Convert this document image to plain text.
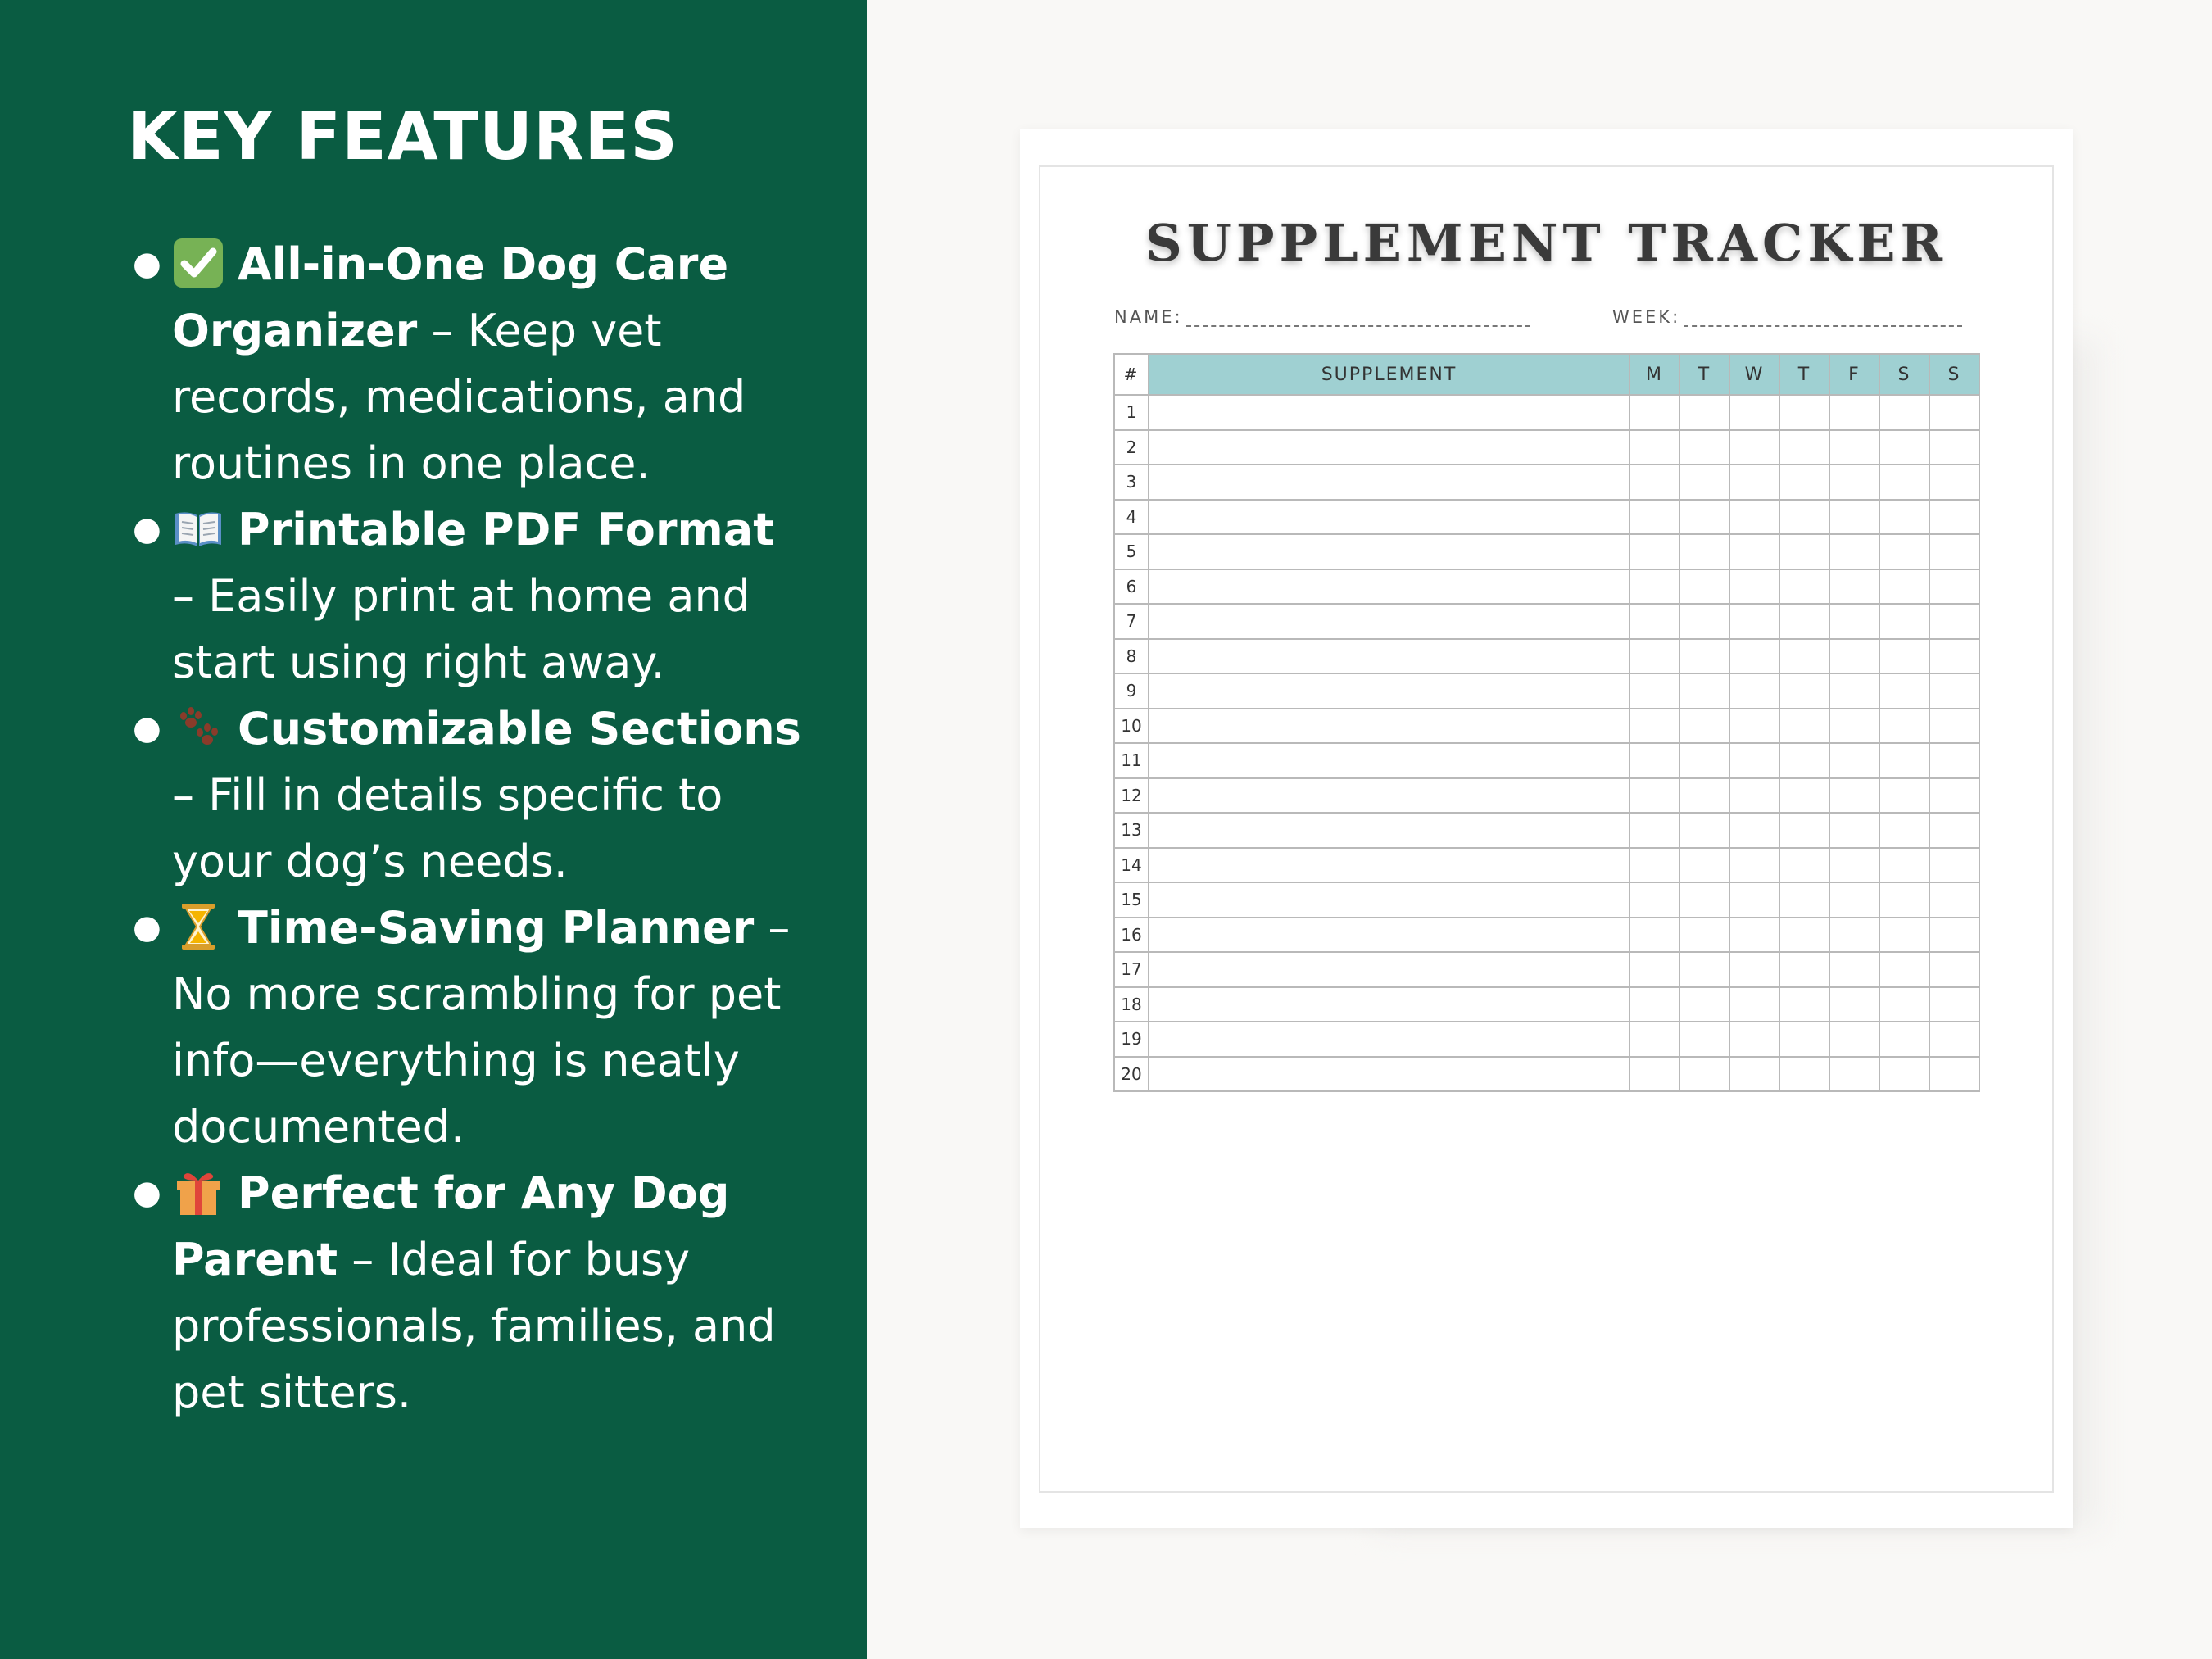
KEY FEATURES
● All-in-One Dog Care Organizer – Keep vet records, medications, and routines in one place.
● Printable PDF Format – Easily print at home and start using right away.
● Customizable Sections – Fill in details specific to your dog’s needs.
● Time-Saving Planner – No more scrambling for pet info—everything is neatly documented.
● Perfect for Any Dog Parent – Ideal for busy professionals, families, and pet sitters.
SUPPLEMENT TRACKER
NAME:	WEEK:
#	SUPPLEMENT	M	T	W	T	F	S	S
1								
2								
3								
4								
5								
6								
7								
8								
9								
10								
11								
12								
13								
14								
15								
16								
17								
18								
19								
20								
